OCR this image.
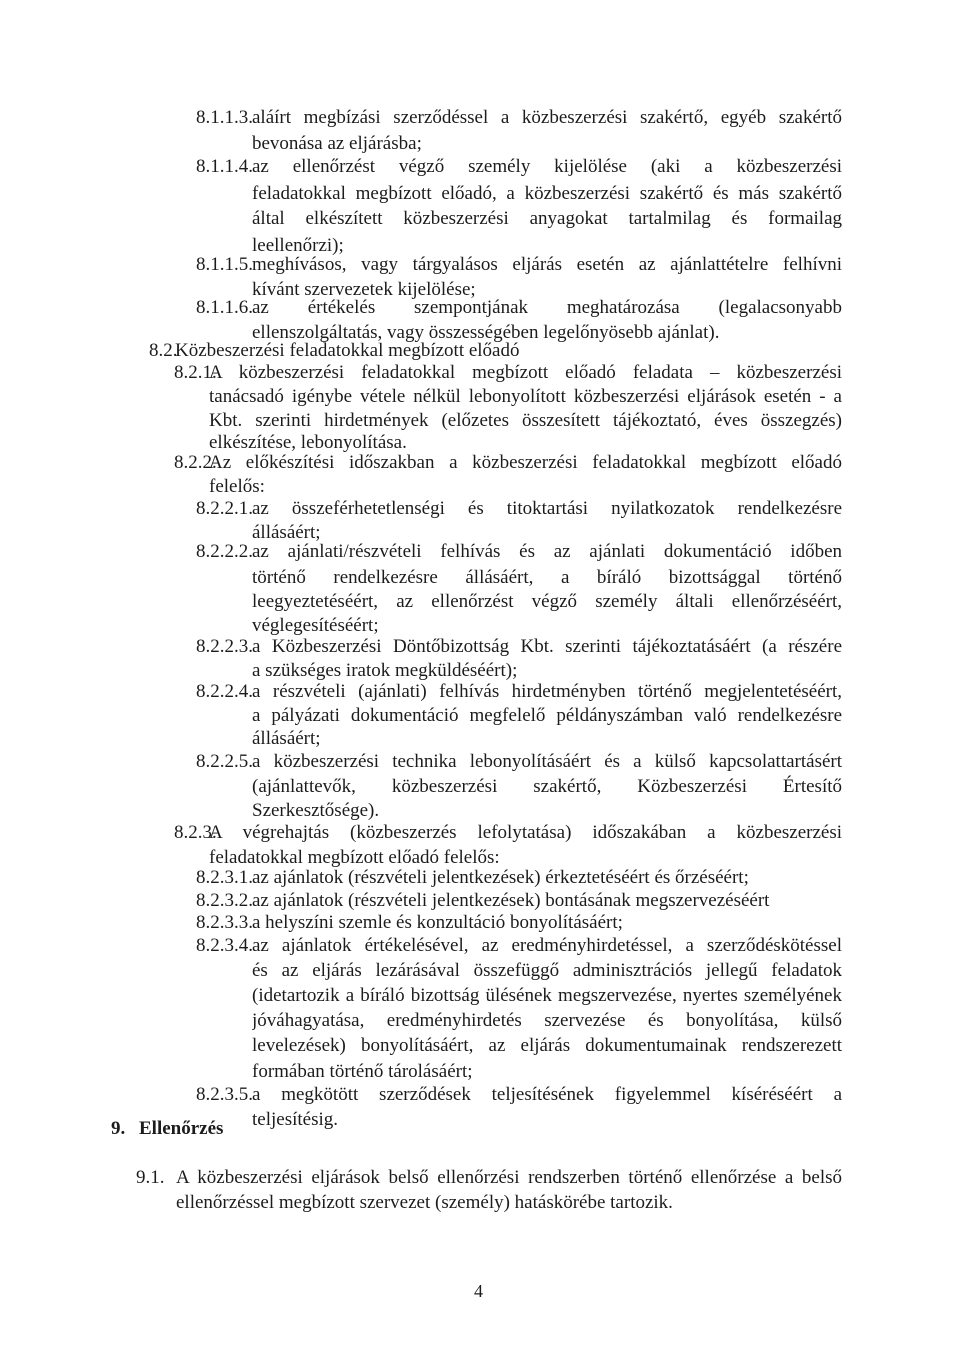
8.1.1.3. aláírt megbízási szerződéssel a közbeszerzési szakértő, egyéb szakértő
bevonása az eljárásba;
8.1.1.4. az ellenőrzést végző személy kijelölése (aki a közbeszerzési
feladatokkal megbízott előadó, a közbeszerzési szakértő és más szakértő
által elkészített közbeszerzési anyagokat tartalmilag és formailag
leellenőrzi);
8.1.1.5. meghívásos, vagy tárgyalásos eljárás esetén az ajánlattételre felhívni
kívánt szervezetek kijelölése;
8.1.1.6. az értékelés szempontjának meghatározása (legalacsonyabb
ellenszolgáltatás, vagy összességében legelőnyösebb ajánlat).
8.2.
Közbeszerzési feladatokkal megbízott előadó
8.2.1.
A közbeszerzési feladatokkal megbízott előadó feladata – közbeszerzési
tanácsadó igénybe vétele nélkül lebonyolított közbeszerzési eljárások esetén - a
Kbt. szerinti hirdetmények (előzetes összesített tájékoztató, éves összegzés)
elkészítése, lebonyolítása.
8.2.2.
Az előkészítési időszakban a közbeszerzési feladatokkal megbízott előadó
felelős:
8.2.2.1. az összeférhetetlenségi és titoktartási nyilatkozatok rendelkezésre
állásáért;
8.2.2.2. az ajánlati/részvételi felhívás és az ajánlati dokumentáció időben
történő rendelkezésre állásáért, a bíráló bizottsággal történő
leegyeztetéséért, az ellenőrzést végző személy általi ellenőrzéséért,
véglegesítéséért;
8.2.2.3. a Közbeszerzési Döntőbizottság Kbt. szerinti tájékoztatásáért (a részére
a szükséges iratok megküldéséért);
8.2.2.4. a részvételi (ajánlati) felhívás hirdetményben történő megjelentetéséért,
a pályázati dokumentáció megfelelő példányszámban való rendelkezésre
állásáért;
8.2.2.5. a közbeszerzési technika lebonyolításáért és a külső kapcsolattartásért
(ajánlattevők, közbeszerzési szakértő, Közbeszerzési Értesítő
Szerkesztősége).
8.2.3.
A végrehajtás (közbeszerzés lefolytatása) időszakában a közbeszerzési
feladatokkal megbízott előadó felelős:
8.2.3.1. az ajánlatok (részvételi jelentkezések) érkeztetéséért és őrzéséért;
8.2.3.2. az ajánlatok (részvételi jelentkezések) bontásának megszervezéséért
8.2.3.3. a helyszíni szemle és konzultáció bonyolításáért;
8.2.3.4. az ajánlatok értékelésével, az eredményhirdetéssel, a szerződéskötéssel
és az eljárás lezárásával összefüggő adminisztrációs jellegű feladatok
(idetartozik a bíráló bizottság ülésének megszervezése, nyertes személyének
jóváhagyatása, eredményhirdetés szervezése és bonyolítása, külső
levelezések) bonyolításáért, az eljárás dokumentumainak rendszerezett
formában történő tárolásáért;
8.2.3.5. a megkötött szerződések teljesítésének figyelemmel kíséréséért a
teljesítésig.
9. Ellenőrzés
9.1. A közbeszerzési eljárások belső ellenőrzési rendszerben történő ellenőrzése a belső
ellenőrzéssel megbízott szervezet (személy) hatáskörébe tartozik.
4
